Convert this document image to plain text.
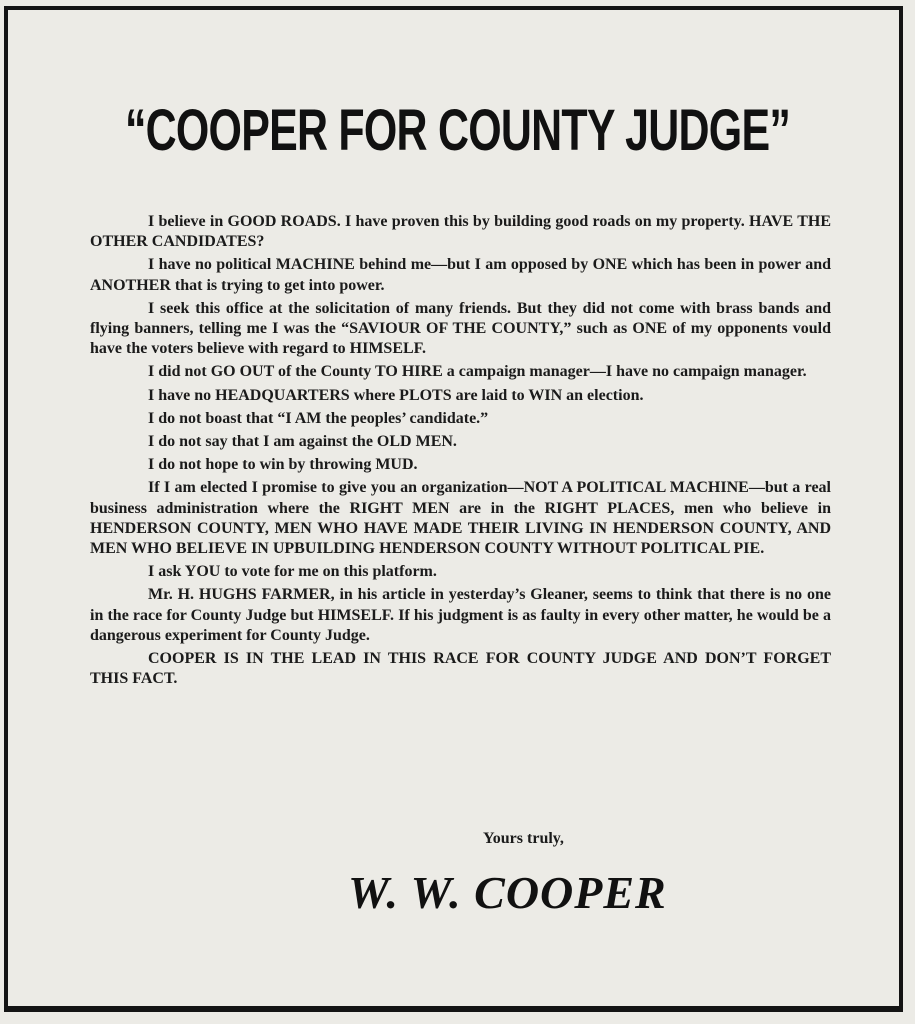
“COOPER FOR COUNTY JUDGE”

I believe in GOOD ROADS. I have proven this by building good roads on my property. HAVE THE OTHER CANDIDATES?

I have no political MACHINE behind me—but I am opposed by ONE which has been in power and ANOTHER that is trying to get into power.

I seek this office at the solicitation of many friends. But they did not come with brass bands and flying banners, telling me I was the “SAVIOUR OF THE COUNTY,” such as ONE of my opponents vould have the voters believe with regard to HIMSELF.

I did not GO OUT of the County TO HIRE a campaign manager—I have no campaign manager.

I have no HEADQUARTERS where PLOTS are laid to WIN an election.

I do not boast that “I AM the peoples’ candidate.”

I do not say that I am against the OLD MEN.

I do not hope to win by throwing MUD.

If I am elected I promise to give you an organization—NOT A POLITICAL MACHINE—but a real business administration where the RIGHT MEN are in the RIGHT PLACES, men who believe in HENDERSON COUNTY, MEN WHO HAVE MADE THEIR LIVING IN HENDERSON COUNTY, AND MEN WHO BELIEVE IN UPBUILDING HENDERSON COUNTY WITHOUT POLITICAL PIE.

I ask YOU to vote for me on this platform.

Mr. H. HUGHS FARMER, in his article in yesterday’s Gleaner, seems to think that there is no one in the race for County Judge but HIMSELF. If his judgment is as faulty in every other matter, he would be a dangerous experiment for County Judge.

COOPER IS IN THE LEAD IN THIS RACE FOR COUNTY JUDGE AND DON’T FORGET THIS FACT.

Yours truly,
W. W. COOPER
